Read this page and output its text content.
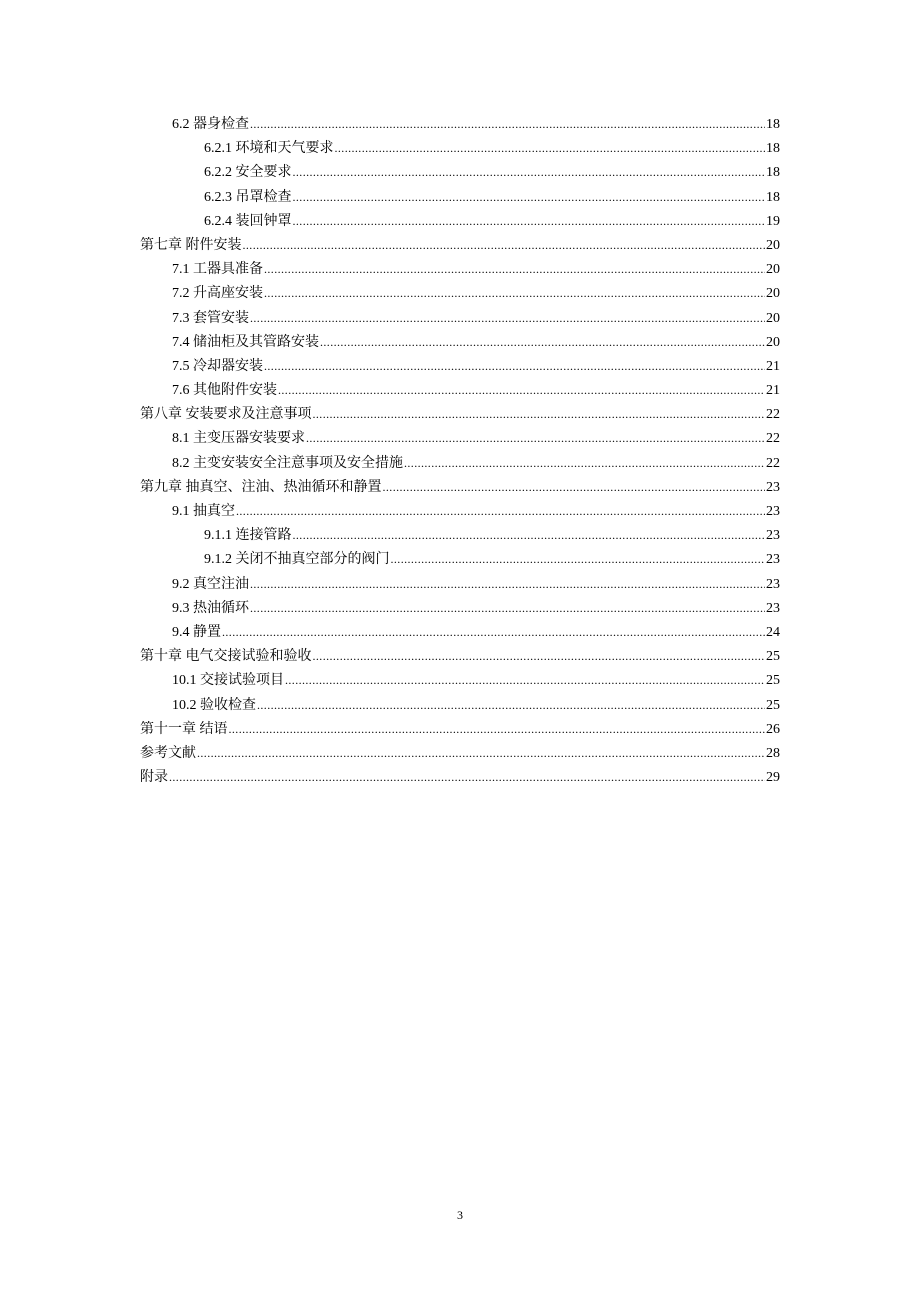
6.2 器身检查 .....	18
6.2.1 环境和天气要求 .....	18
6.2.2 安全要求 .....	18
6.2.3 吊罩检查 .....	18
6.2.4 装回钟罩 .....	19
第七章 附件安装 .....	20
7.1 工器具准备 .....	20
7.2 升高座安装 .....	20
7.3 套管安装 .....	20
7.4 储油柜及其管路安装 .....	20
7.5 冷却器安装 .....	21
7.6 其他附件安装 .....	21
第八章 安装要求及注意事项 .....	22
8.1 主变压器安装要求 .....	22
8.2 主变安装安全注意事项及安全措施 .....	22
第九章 抽真空、注油、热油循环和静置 .....	23
9.1 抽真空 .....	23
9.1.1 连接管路 .....	23
9.1.2 关闭不抽真空部分的阀门 .....	23
9.2 真空注油 .....	23
9.3 热油循环 .....	23
9.4 静置 .....	24
第十章 电气交接试验和验收 .....	25
10.1 交接试验项目 .....	25
10.2 验收检查 .....	25
第十一章 结语 .....	26
参考文献 .....	28
附录 .....	29
3
